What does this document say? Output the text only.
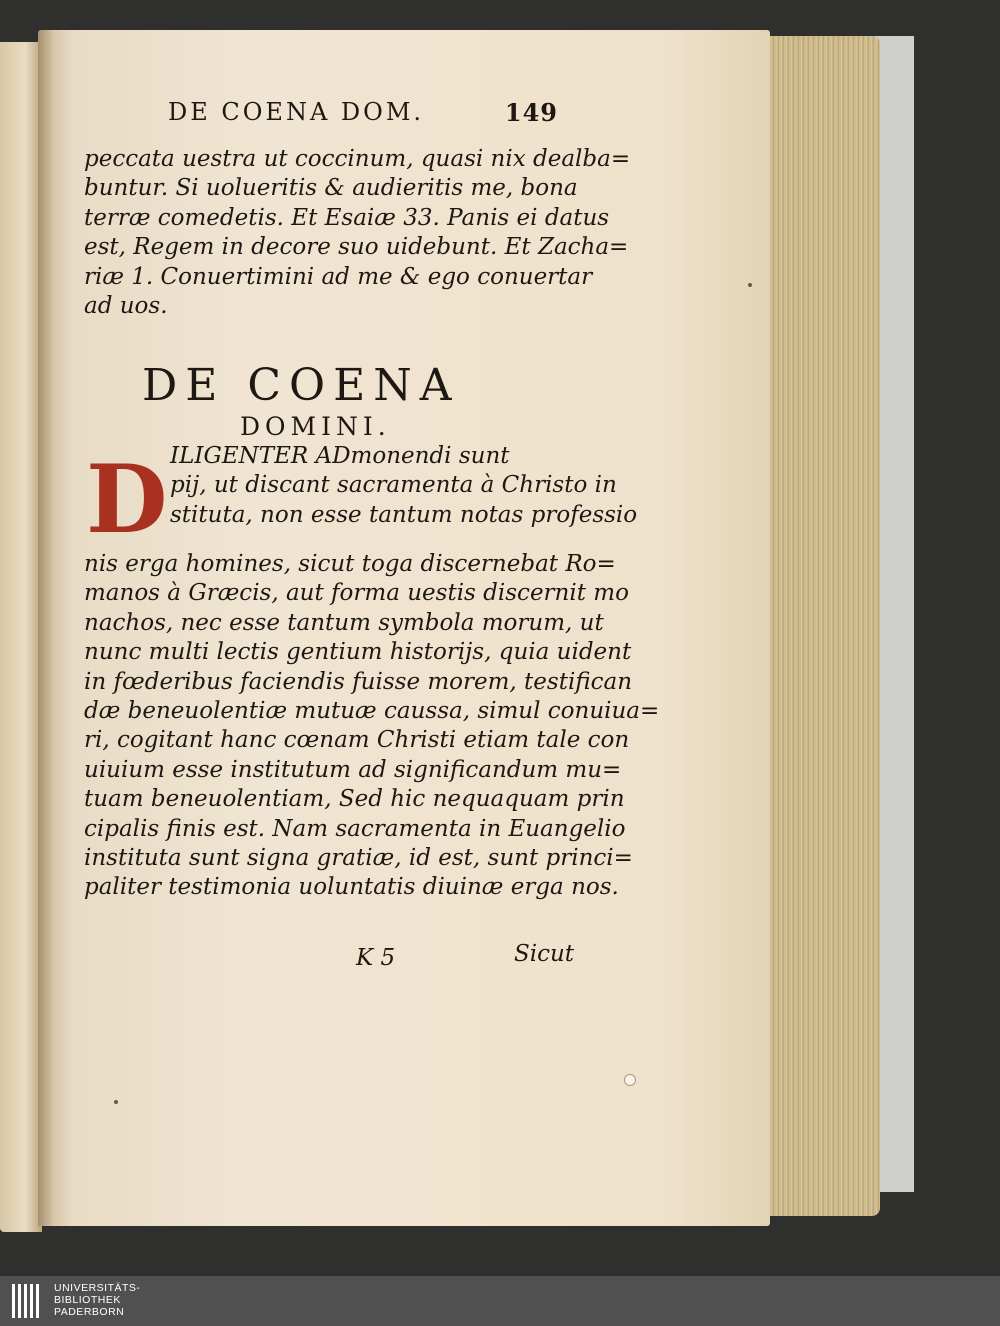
DE COENA DOM.	149
peccata uestra ut coccinum, quasi nix dealba=
buntur. Si uolueritis & audieritis me, bona
terræ comedetis. Et Esaiæ 33. Panis ei datus
est, Regem in decore suo uidebunt. Et Zacha=
riæ 1. Conuertimini ad me & ego conuertar
ad uos.
DE COENA
DOMINI.
D ILIGENTER ADmonendi sunt
pij, ut discant sacramenta à Christo in
stituta, non esse tantum notas professio
nis erga homines, sicut toga discernebat Ro=
manos à Græcis, aut forma uestis discernit mo
nachos, nec esse tantum symbola morum, ut
nunc multi lectis gentium historijs, quia uident
in fœderibus faciendis fuisse morem, testifican
dæ beneuolentiæ mutuæ caussa, simul conuiua=
ri, cogitant hanc cœnam Christi etiam tale con
uiuium esse institutum ad significandum mu=
tuam beneuolentiam, Sed hic nequaquam prin
cipalis finis est. Nam sacramenta in Euangelio
instituta sunt signa gratiæ, id est, sunt princi=
paliter testimonia uoluntatis diuinæ erga nos.
K 5	Sicut
UNIVERSITÄTS-
BIBLIOTHEK
PADERBORN
